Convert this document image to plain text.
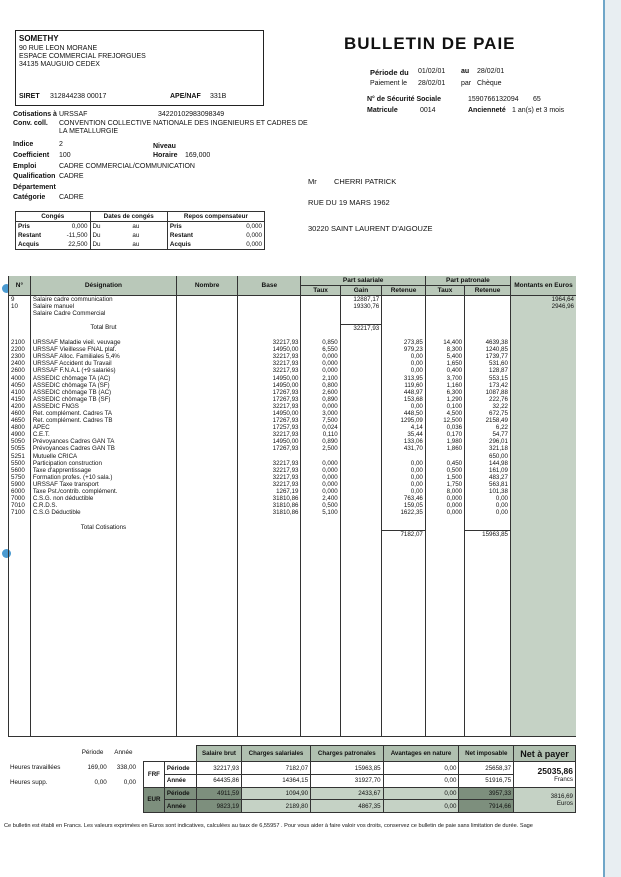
SOMETHY
90 RUE LEON MORANE
ESPACE COMMERCIAL FREJORGUES
34135 MAUGUIO CEDEX
SIRET 312844238 00017	APE/NAF 331B
BULLETIN DE PAIE
Période du 01/02/01 au 28/02/01
Paiement le 28/02/01 par Chèque
N° de Sécurité Sociale	1590766132094 65
Matricule	0014	Ancienneté 1 an(s) et 3 mois
Cotisations à URSSAF	34220102983098349
Conv. coll. CONVENTION COLLECTIVE NATIONALE DES INGENIEURS ET CADRES DE LA METALLURGIE
Indice	2	Niveau
Coefficient 100	Horaire 169,000
Emploi	CADRE COMMERCIAL/COMMUNICATION
Qualification CADRE
Département
Catégorie CADRE
Mr CHERRI PATRICK
RUE DU 19 MARS 1962
30220 SAINT LAURENT D'AIGOUZE
Congés		Dates de congés		Repos compensateur	
Pris	0,000	Du	au	Pris	0,000
Restant	-11,500	Du	au	Restant	0,000
Acquis	22,500	Du	au	Acquis	0,000
N°	Désignation	Nombre	Base	Part salariale			Part patronale		Montants en Euros
				Taux	Gain	Retenue	Taux	Retenue	
9	Salaire cadre communication				12887,17				1964,64
10	Salaire manuel				19330,76				2946,96
	Salaire Cadre Commercial								

	Total Brut				32217,93				

2100	URSSAF Maladie vieil. veuvage		32217,93	0,850		273,85	14,400	4639,38	
2200	URSSAF Vieillesse FNAL plaf.		14950,00	6,550		979,23	8,300	1240,85	
2300	URSSAF Alloc. Familiales 5,4%		32217,93	0,000		0,00	5,400	1739,77	
2400	URSSAF Accident du Travail		32217,93	0,000		0,00	1,650	531,60	
2600	URSSAF F.N.A.L (+9 salariés)		32217,93	0,000		0,00	0,400	128,87	
4000	ASSEDIC chômage TA (AC)		14950,00	2,100		313,95	3,700	553,15	
4050	ASSEDIC chômage TA (SF)		14950,00	0,800		119,60	1,160	173,42	
4100	ASSEDIC chômage TB (AC)		17267,93	2,600		448,97	6,300	1087,88	
4150	ASSEDIC chômage TB (SF)		17267,93	0,890		153,68	1,290	222,76	
4200	ASSEDIC FNGS		32217,93	0,000		0,00	0,100	32,22	
4600	Ret. complément. Cadres TA		14950,00	3,000		448,50	4,500	672,75	
4650	Ret. complément. Cadres TB		17267,93	7,500		1295,09	12,500	2158,49	
4800	APEC		17257,93	0,024		4,14	0,036	6,22	
4900	C.E.T.		32217,93	0,110		35,44	0,170	54,77	
5050	Prévoyances Cadres GAN TA		14950,00	0,890		133,06	1,980	296,01	
5055	Prévoyances Cadres GAN TB		17267,93	2,500		431,70	1,860	321,18	
5251	Mutuelle CRICA							650,00	
5500	Participation construction		32217,93	0,000		0,00	0,450	144,98	
5600	Taxe d'apprentissage		32217,93	0,000		0,00	0,500	161,09	
5750	Formation profes. (+10 sala.)		32217,93	0,000		0,00	1,500	483,27	
5900	URSSAF Taxe transport		32217,93	0,000		0,00	1,750	563,81	
6000	Taxe Pst./contrib. complément.		1267,19	0,000		0,00	8,000	101,38	
7000	C.S.G. non déductible		31810,86	2,400		763,46	0,000	0,00	
7010	C.R.D.S.		31810,86	0,500		159,05	0,000	0,00	
7100	C.S.G Déductible		31810,86	5,100		1622,35	0,000	0,00	

	Total Cotisations								
						7182,07		15963,85	

	Période	Année

Heures travaillées	169,00	338,00

Heures supp.	0,00	0,00
		Salaire brut	Charges salariales	Charges patronales	Avantages en nature	Net imposable	Net à payer
FRF	Période	32217,93	7182,07	15963,85	0,00	25658,37	25035,86
Francs

	Année	64435,86	14364,15	31927,70	0,00	51916,75	
EUR	Période	4911,59	1094,90	2433,67	0,00	3957,33	3816,69
Euros

	Année	9823,19	2189,80	4867,35	0,00	7914,66	
Ce bulletin est établi en Francs. Les valeurs exprimées en Euros sont indicatives, calculées au taux de 6,55957 . Pour vous aider à faire valoir vos droits, conservez ce bulletin de paie sans limitation de durée. Sage
